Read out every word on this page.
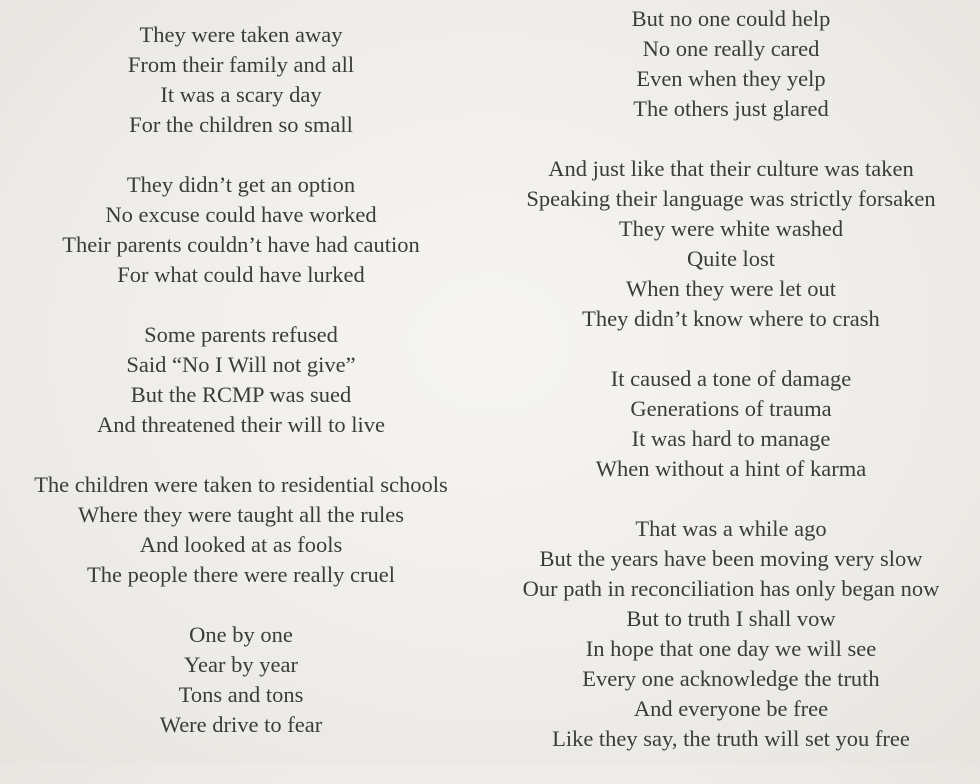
They were taken away
From their family and all
It was a scary day
For the children so small
They didn’t get an option
No excuse could have worked
Their parents couldn’t have had caution
For what could have lurked
Some parents refused
Said “No I Will not give”
But the RCMP was sued
And threatened their will to live
The children were taken to residential schools
Where they were taught all the rules
And looked at as fools
The people there were really cruel
One by one
Year by year
Tons and tons
Were drive to fear
But no one could help
No one really cared
Even when they yelp
The others just glared
And just like that their culture was taken
Speaking their language was strictly forsaken
They were white washed
Quite lost
When they were let out
They didn’t know where to crash
It caused a tone of damage
Generations of trauma
It was hard to manage
When without a hint of karma
That was a while ago
But the years have been moving very slow
Our path in reconciliation has only began now
But to truth I shall vow
In hope that one day we will see
Every one acknowledge the truth
And everyone be free
Like they say, the truth will set you free
